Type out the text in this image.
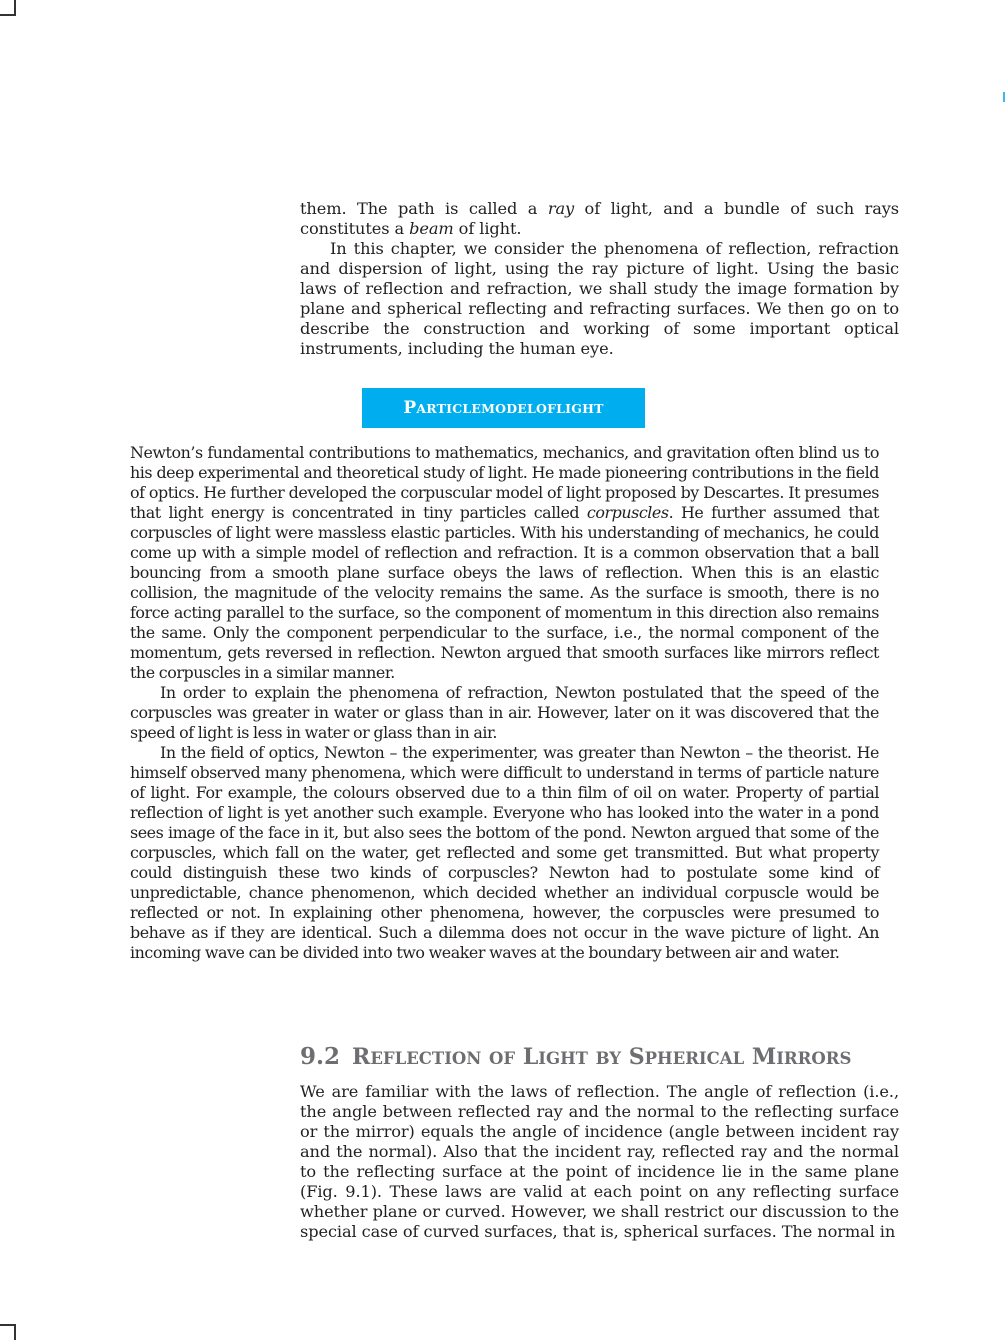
them. The path is called a ray of light, and a bundle of such rays constitutes a beam of light.

In this chapter, we consider the phenomena of reflection, refraction and dispersion of light, using the ray picture of light. Using the basic laws of reflection and refraction, we shall study the image formation by plane and spherical reflecting and refracting surfaces. We then go on to describe the construction and working of some important optical instruments, including the human eye.

P ARTICLE M ODEL O F L IGHT

Newton’s fundamental contributions to mathematics, mechanics, and gravitation often blind us to his deep experimental and theoretical study of light. He made pioneering contributions in the field of optics. He further developed the corpuscular model of light proposed by Descartes. It presumes that light energy is concentrated in tiny particles called corpuscles. He further assumed that corpuscles of light were massless elastic particles. With his understanding of mechanics, he could come up with a simple model of reflection and refraction. It is a common observation that a ball bouncing from a smooth plane surface obeys the laws of reflection. When this is an elastic collision, the magnitude of the velocity remains the same. As the surface is smooth, there is no force acting parallel to the surface, so the component of momentum in this direction also remains the same. Only the component perpendicular to the surface, i.e., the normal component of the momentum, gets reversed in reflection. Newton argued that smooth surfaces like mirrors reflect the corpuscles in a similar manner.

In order to explain the phenomena of refraction, Newton postulated that the speed of the corpuscles was greater in water or glass than in air. However, later on it was discovered that the speed of light is less in water or glass than in air.

In the field of optics, Newton – the experimenter, was greater than Newton – the theorist. He himself observed many phenomena, which were difficult to understand in terms of particle nature of light. For example, the colours observed due to a thin film of oil on water. Property of partial reflection of light is yet another such example. Everyone who has looked into the water in a pond sees image of the face in it, but also sees the bottom of the pond. Newton argued that some of the corpuscles, which fall on the water, get reflected and some get transmitted. But what property could distinguish these two kinds of corpuscles? Newton had to postulate some kind of unpredictable, chance phenomenon, which decided whether an individual corpuscle would be reflected or not. In explaining other phenomena, however, the corpuscles were presumed to behave as if they are identical. Such a dilemma does not occur in the wave picture of light. An incoming wave can be divided into two weaker waves at the boundary between air and water.

9.2 REFLECTION OF LIGHT BY SPHERICAL MIRRORS

We are familiar with the laws of reflection. The angle of reflection (i.e., the angle between reflected ray and the normal to the reflecting surface or the mirror) equals the angle of incidence (angle between incident ray and the normal). Also that the incident ray, reflected ray and the normal to the reflecting surface at the point of incidence lie in the same plane (Fig. 9.1). These laws are valid at each point on any reflecting surface whether plane or curved. However, we shall restrict our discussion to the special case of curved surfaces, that is, spherical surfaces. The normal in
